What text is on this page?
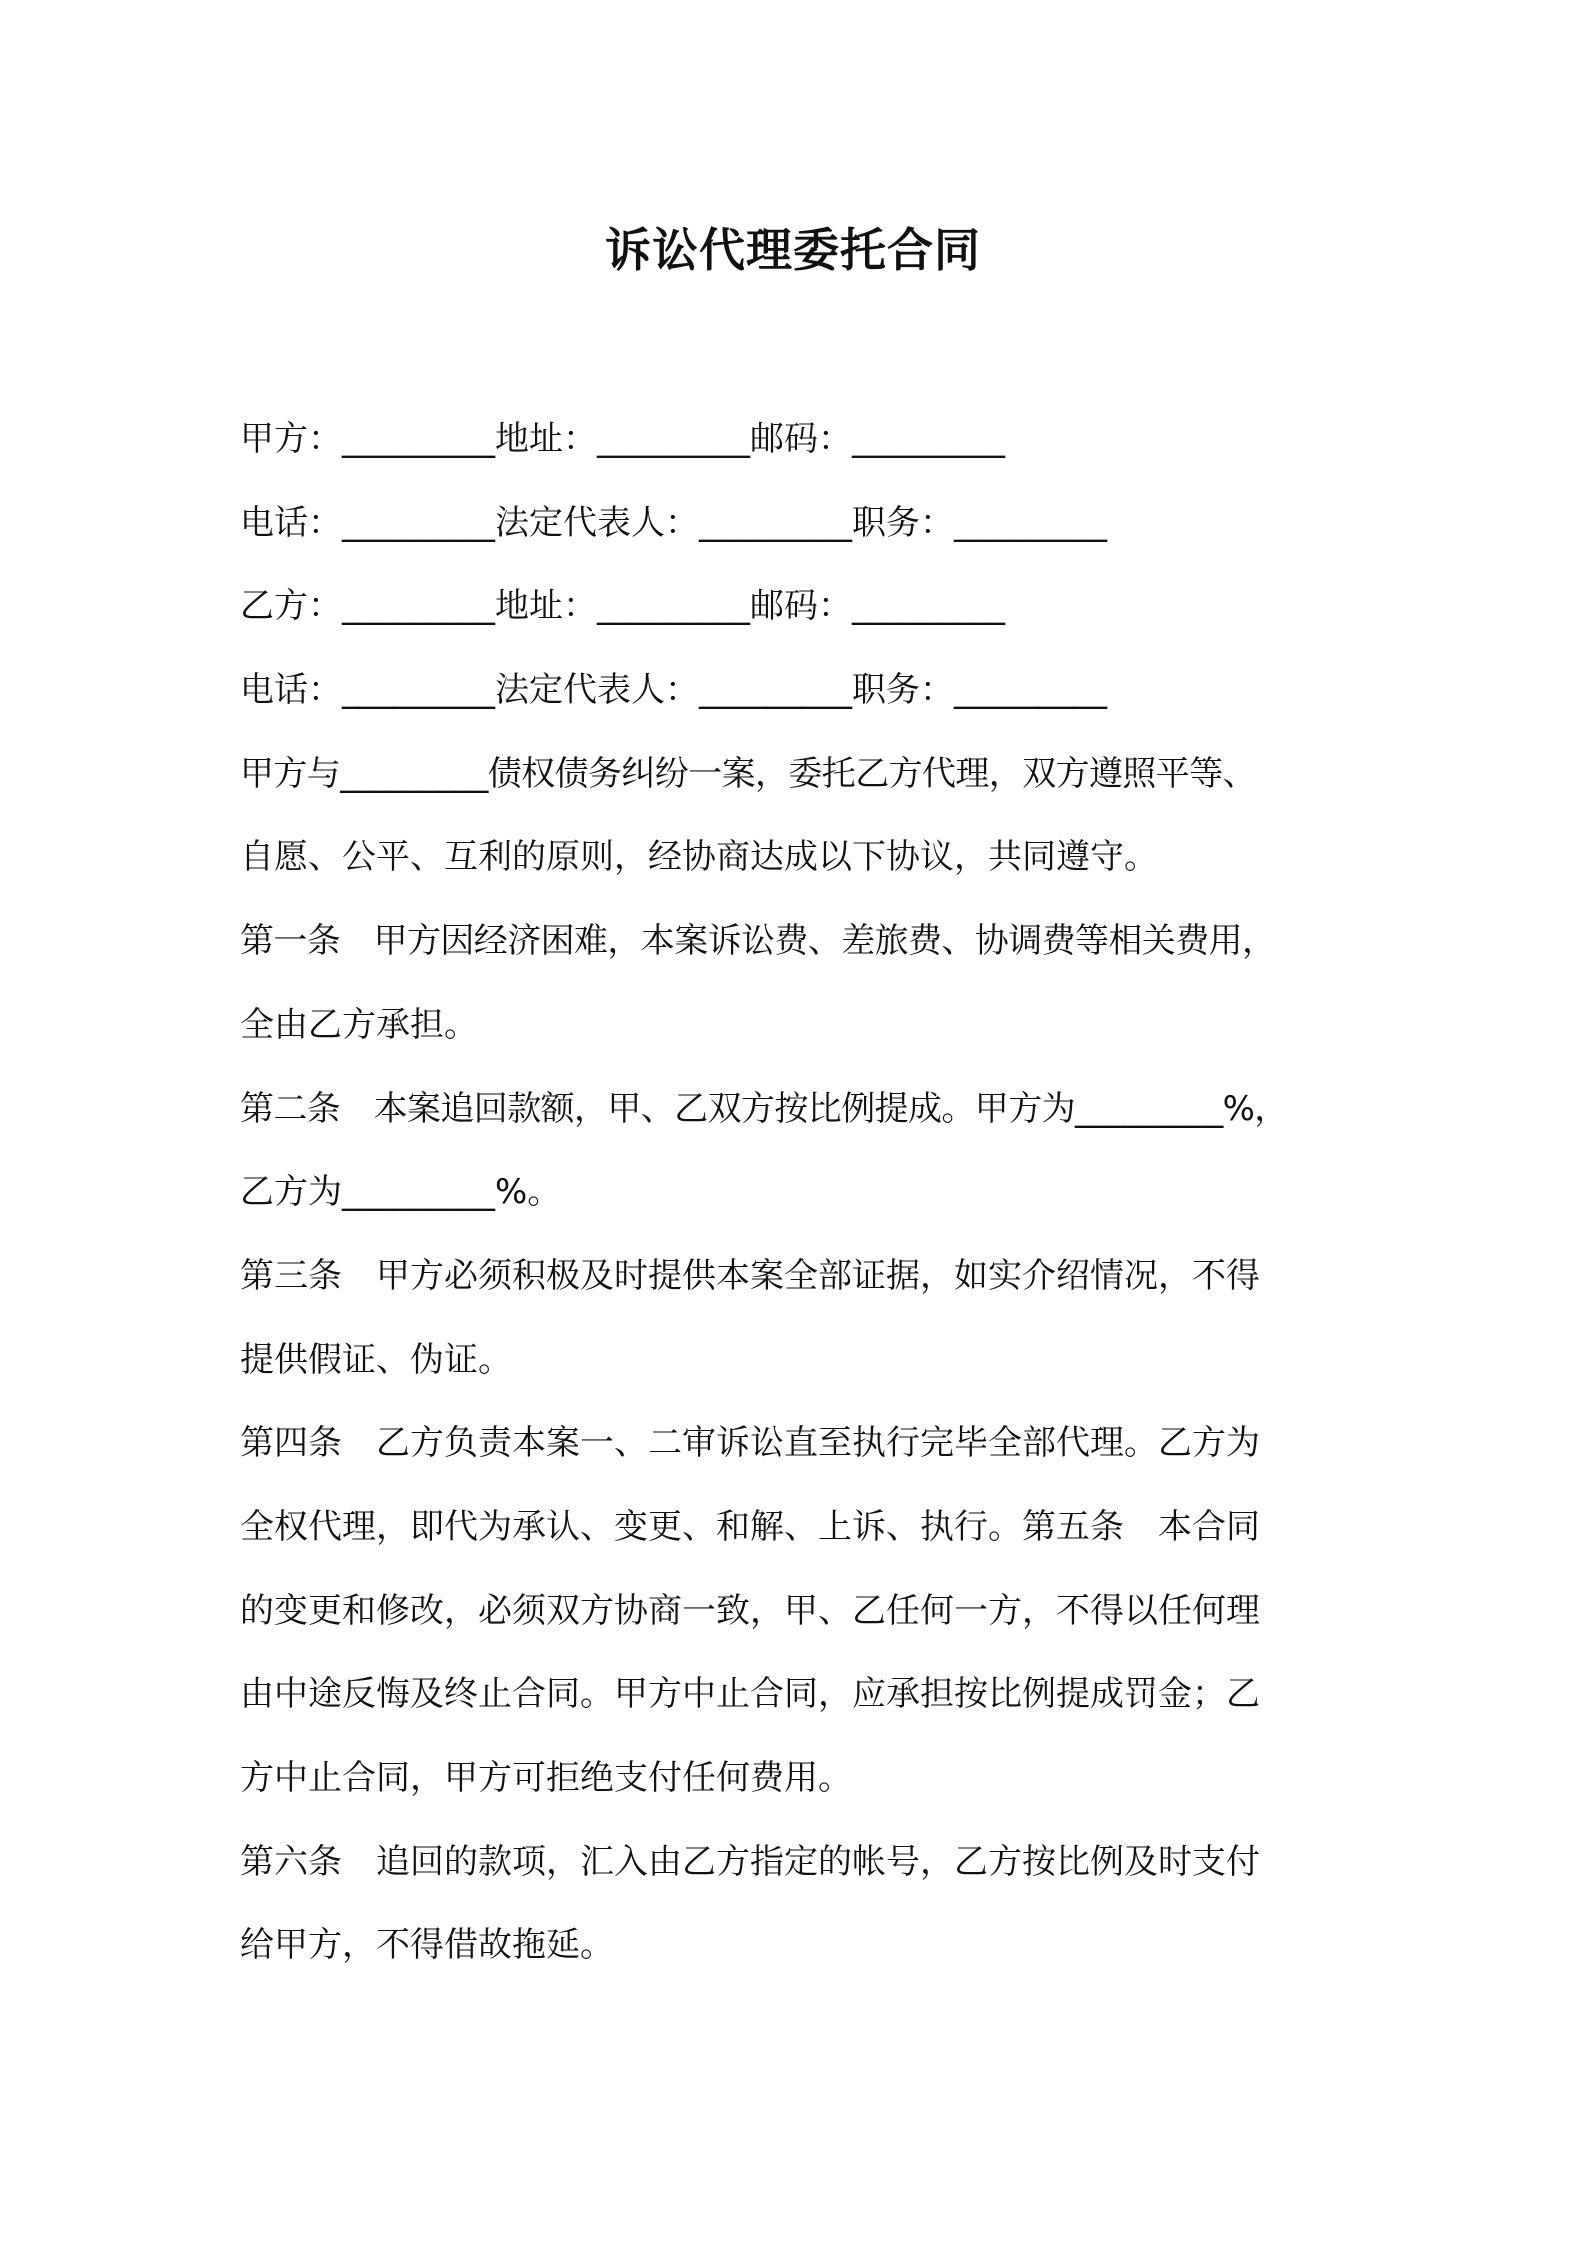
诉讼代理委托合同
甲方：_________地址：_________邮码：_________
电话：_________法定代表人：_________职务：_________
乙方：_________地址：_________邮码：_________
电话：_________法定代表人：_________职务：_________
甲方与_________债权债务纠纷一案，委托乙方代理，双方遵照平等、
自愿、公平、互利的原则，经协商达成以下协议，共同遵守。
第一条　甲方因经济困难，本案诉讼费、差旅费、协调费等相关费用，
全由乙方承担。
第二条　本案追回款额，甲、乙双方按比例提成。甲方为_________%，
乙方为_________%。
第三条　甲方必须积极及时提供本案全部证据，如实介绍情况，不得
提供假证、伪证。
第四条　乙方负责本案一、二审诉讼直至执行完毕全部代理。乙方为
全权代理，即代为承认、变更、和解、上诉、执行。第五条　本合同
的变更和修改，必须双方协商一致，甲、乙任何一方，不得以任何理
由中途反悔及终止合同。甲方中止合同，应承担按比例提成罚金；乙
方中止合同，甲方可拒绝支付任何费用。
第六条　追回的款项，汇入由乙方指定的帐号，乙方按比例及时支付
给甲方，不得借故拖延。
